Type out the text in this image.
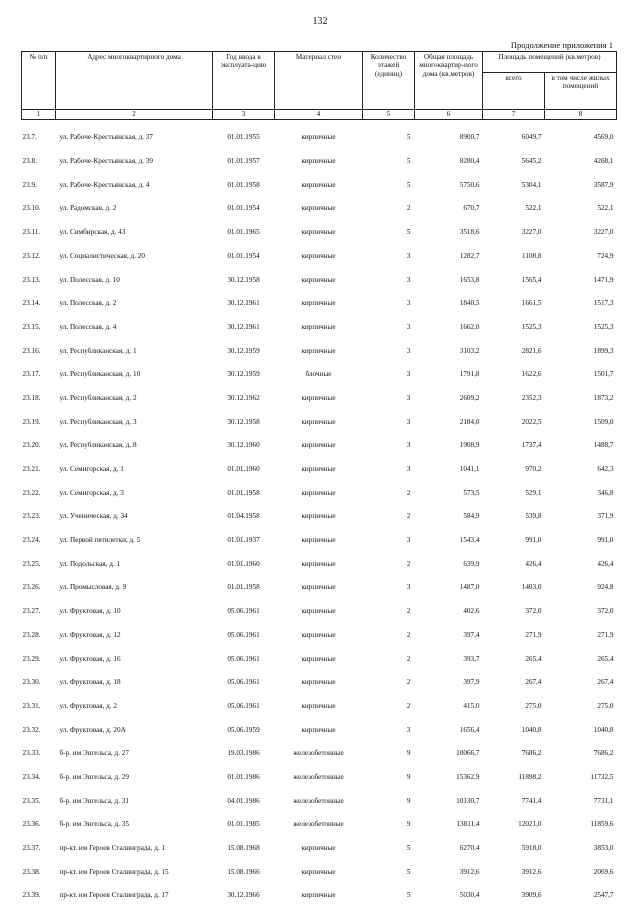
132
Продолжение приложения 1
№ п/п	Адрес многоквартирного дома	Год ввода в эксплуата-цию	Материал стен	Количество этажей (единиц)	Общая площадь многоквартир-ного дома (кв.метров)	Площадь помещений (кв.метров)	
						всего	в том числе жилых помещений
1	2	3	4	5	6	7	8
23.7.	ул. Рабоче-Крестьянская, д. 37	01.01.1955	кирпичные	5	8900,7	6049,7	4569,0
23.8.	ул. Рабоче-Крестьянская, д. 39	01.01.1957	кирпичные	5	8280,4	5645,2	4268,1
23.9.	ул. Рабоче-Крестьянская, д. 4	01.01.1958	кирпичные	5	5750,6	5304,1	3587,9
23.10.	ул. Радомская, д. 2	01.01.1954	кирпичные	2	670,7	522,1	522,1
23.11.	ул. Симбирская, д. 43	01.01.1965	кирпичные	5	3518,6	3227,0	3227,0
23.12.	ул. Социалистическая, д. 20	01.01.1954	кирпичные	3	1282,7	1108,8	724,9
23.13.	ул. Полесская, д. 10	30.12.1958	кирпичные	3	1653,8	1565,4	1471,9
23.14.	ул. Полесская, д. 2	30.12.1961	кирпичные	3	1840,5	1661,5	1517,3
23.15.	ул. Полесская, д. 4	30.12.1961	кирпичные	3	1662,0	1525,3	1525,3
23.16.	ул. Республиканская, д. 1	30.12.1959	кирпичные	3	3103,2	2821,6	1899,3
23.17.	ул. Республиканская, д. 10	30.12.1959	блочные	3	1791,8	1622,6	1501,7
23.18.	ул. Республиканская, д. 2	30.12.1962	кирпичные	3	2609,2	2352,3	1873,2
23.19.	ул. Республиканская, д. 3	30.12.1958	кирпичные	3	2184,0	2022,5	1509,0
23.20.	ул. Республиканская, д. 8	30.12.1960	кирпичные	3	1908,9	1737,4	1488,7
23.21.	ул. Семигорская, д. 1	01.01.1960	кирпичные	3	1041,1	970,2	642,3
23.22.	ул. Семигорская, д. 3	01.01.1958	кирпичные	2	573,5	529,1	346,8
23.23.	ул. Ученическая, д. 34	01.04.1958	кирпичные	2	584,9	539,8	371,9
23.24.	ул. Первой пятилетки, д. 5	01.01.1937	кирпичные	3	1543,4	991,0	991,0
23.25.	ул. Подольская, д. 1	01.01.1960	кирпичные	2	639,9	426,4	426,4
23.26.	ул. Промысловая, д. 9	01.01.1958	кирпичные	3	1487,0	1403,0	924,8
23.27.	ул. Фруктовая, д. 10	05.06.1961	кирпичные	2	402,6	372,0	372,0
23.28.	ул. Фруктовая, д. 12	05.06.1961	кирпичные	2	397,4	271,9	271,9
23.29.	ул. Фруктовая, д. 16	05.06.1961	кирпичные	2	393,7	265,4	265,4
23.30.	ул. Фруктовая, д. 18	05.06.1961	кирпичные	2	397,9	267,4	267,4
23.31.	ул. Фруктовая, д. 2	05.06.1961	кирпичные	2	415,0	275,0	275,0
23.32.	ул. Фруктовая, д. 20А	05.06.1959	кирпичные	3	1656,4	1040,8	1040,8
23.33.	б-р. им Энгельса, д. 27	19.03.1986	железобетонные	9	10066,7	7686,2	7686,2
23.34.	б-р. им Энгельса, д. 29	01.01.1986	железобетонные	9	15362,9	11898,2	11732,5
23.35.	б-р. им Энгельса, д. 31	04.01.1986	железобетонные	9	10130,7	7741,4	7731,1
23.36.	б-р. им Энгельса, д. 35	01.01.1985	железобетонные	9	13811,4	12021,0	11859,6
23.37.	пр-кт. им Героев Сталинграда, д. 1	15.08.1968	кирпичные	5	6270,4	5918,0	3853,0
23.38.	пр-кт. им Героев Сталинграда, д. 15	15.08.1966	кирпичные	5	3912,6	3912,6	2069,6
23.39.	пр-кт. им Героев Сталинграда, д. 17	30.12.1966	кирпичные	5	5030,4	3909,6	2547,7
